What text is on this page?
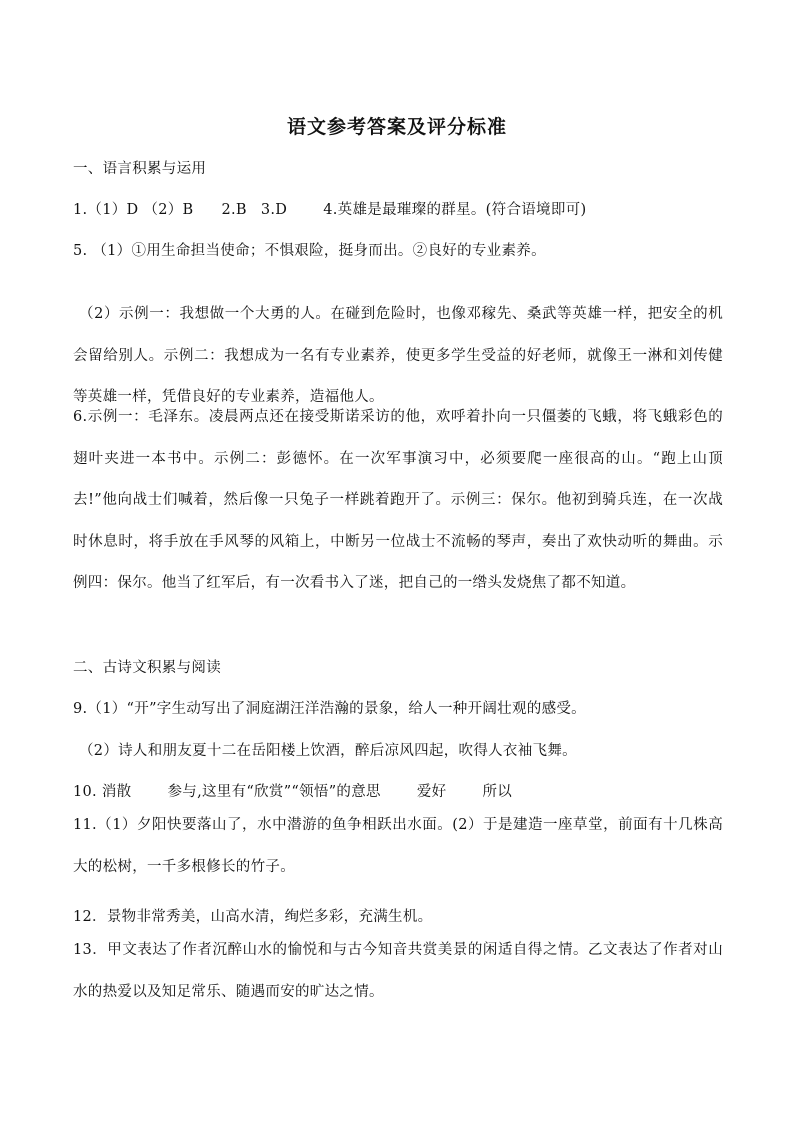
语文参考答案及评分标准
一、语言积累与运用
1.（1）D （2）B 2.B 3.D 4.英雄是最璀璨的群星。(符合语境即可)
5. （1）①用生命担当使命；不惧艰险，挺身而出。②良好的专业素养。
（2）示例一：我想做一个大勇的人。在碰到危险时，也像邓稼先、桑武等英雄一样，把安全的机会留给别人。示例二：我想成为一名有专业素养，使更多学生受益的好老师，就像王一淋和刘传健等英雄一样，凭借良好的专业素养，造福他人。
6.示例一：毛泽东。凌晨两点还在接受斯诺采访的他，欢呼着扑向一只僵萎的飞蛾，将飞蛾彩色的翅叶夹进一本书中。示例二：彭德怀。在一次军事演习中，必须要爬一座很高的山。“跑上山顶去!”他向战士们喊着，然后像一只兔子一样跳着跑开了。示例三：保尔。他初到骑兵连，在一次战时休息时，将手放在手风琴的风箱上，中断另一位战士不流畅的琴声，奏出了欢快动听的舞曲。示例四：保尔。他当了红军后，有一次看书入了迷，把自己的一绺头发烧焦了都不知道。
二、古诗文积累与阅读
9.（1）“开”字生动写出了洞庭湖汪洋浩瀚的景象，给人一种开阔壮观的感受。
（2）诗人和朋友夏十二在岳阳楼上饮酒，醉后凉风四起，吹得人衣袖飞舞。
10. 消散 参与,这里有“欣赏”“领悟”的意思 爱好 所以
11.（1）夕阳快要落山了，水中潜游的鱼争相跃出水面。(2）于是建造一座草堂，前面有十几株高大的松树，一千多根修长的竹子。
12．景物非常秀美，山高水清，绚烂多彩，充满生机。
13．甲文表达了作者沉醉山水的愉悦和与古今知音共赏美景的闲适自得之情。乙文表达了作者对山水的热爱以及知足常乐、随遇而安的旷达之情。
